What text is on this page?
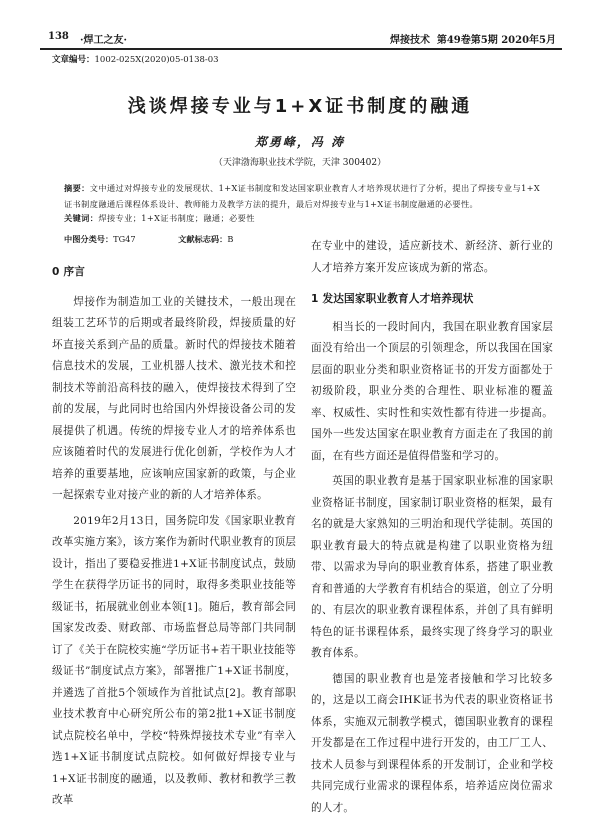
138 ·焊工之友·	焊接技术 第49卷第5期 2020年5月
文章编号：1002-025X(2020)05-0138-03
浅谈焊接专业与1+X证书制度的融通
郑勇峰，冯 涛
（天津渤海职业技术学院，天津 300402）
摘要：文中通过对焊接专业的发展现状、1+X证书制度和发达国家职业教育人才培养现状进行了分析，提出了焊接专业与1+X证书制度融通后课程体系设计、教师能力及教学方法的提升，最后对焊接专业与1+X证书制度融通的必要性。
关键词：焊接专业；1+X证书制度；融通；必要性
中图分类号：TG47	文献标志码：B
0 序言

焊接作为制造加工业的关键技术，一般出现在组装工艺环节的后期或者最终阶段，焊接质量的好坏直接关系到产品的质量。新时代的焊接技术随着信息技术的发展，工业机器人技术、激光技术和控制技术等前沿高科技的融入，使焊接技术得到了空前的发展，与此同时也给国内外焊接设备公司的发展提供了机遇。传统的焊接专业人才的培养体系也应该随着时代的发展进行优化创新，学校作为人才培养的重要基地，应该响应国家新的政策，与企业一起探索专业对接产业的新的人才培养体系。

2019年2月13日，国务院印发《国家职业教育改革实施方案》，该方案作为新时代职业教育的顶层设计，指出了要稳妥推进1+X证书制度试点，鼓励学生在获得学历证书的同时，取得多类职业技能等级证书，拓展就业创业本领[1]。随后，教育部会同国家发改委、财政部、市场监督总局等部门共同制订了《关于在院校实施“学历证书+若干职业技能等级证书”制度试点方案》，部署推广1+X证书制度，并遴选了首批5个领域作为首批试点[2]。教育部职业技术教育中心研究所公布的第2批1+X证书制度试点院校名单中，学校“特殊焊接技术专业”有幸入选1+X证书制度试点院校。如何做好焊接专业与1+X证书制度的融通，以及教师、教材和教学三教改革

在专业中的建设，适应新技术、新经济、新行业的人才培养方案开发应该成为新的常态。

1 发达国家职业教育人才培养现状

相当长的一段时间内，我国在职业教育国家层面没有给出一个顶层的引领理念，所以我国在国家层面的职业分类和职业资格证书的开发方面都处于初级阶段，职业分类的合理性、职业标准的覆盖率、权威性、实时性和实效性都有待进一步提高。国外一些发达国家在职业教育方面走在了我国的前面，在有些方面还是值得借鉴和学习的。

英国的职业教育是基于国家职业标准的国家职业资格证书制度，国家制订职业资格的框架，最有名的就是大家熟知的三明治和现代学徒制。英国的职业教育最大的特点就是构建了以职业资格为纽带、以需求为导向的职业教育体系，搭建了职业教育和普通的大学教育有机结合的渠道，创立了分明的、有层次的职业教育课程体系，并创了具有鲜明特色的证书课程体系，最终实现了终身学习的职业教育体系。

德国的职业教育也是笼者接触和学习比较多的，这是以工商会IHK证书为代表的职业资格证书体系，实施双元制教学模式，德国职业教育的课程开发都是在工作过程中进行开发的，由工厂工人、技术人员参与到课程体系的开发制订，企业和学校共同完成行业需求的课程体系，培养适应岗位需求的人才。
